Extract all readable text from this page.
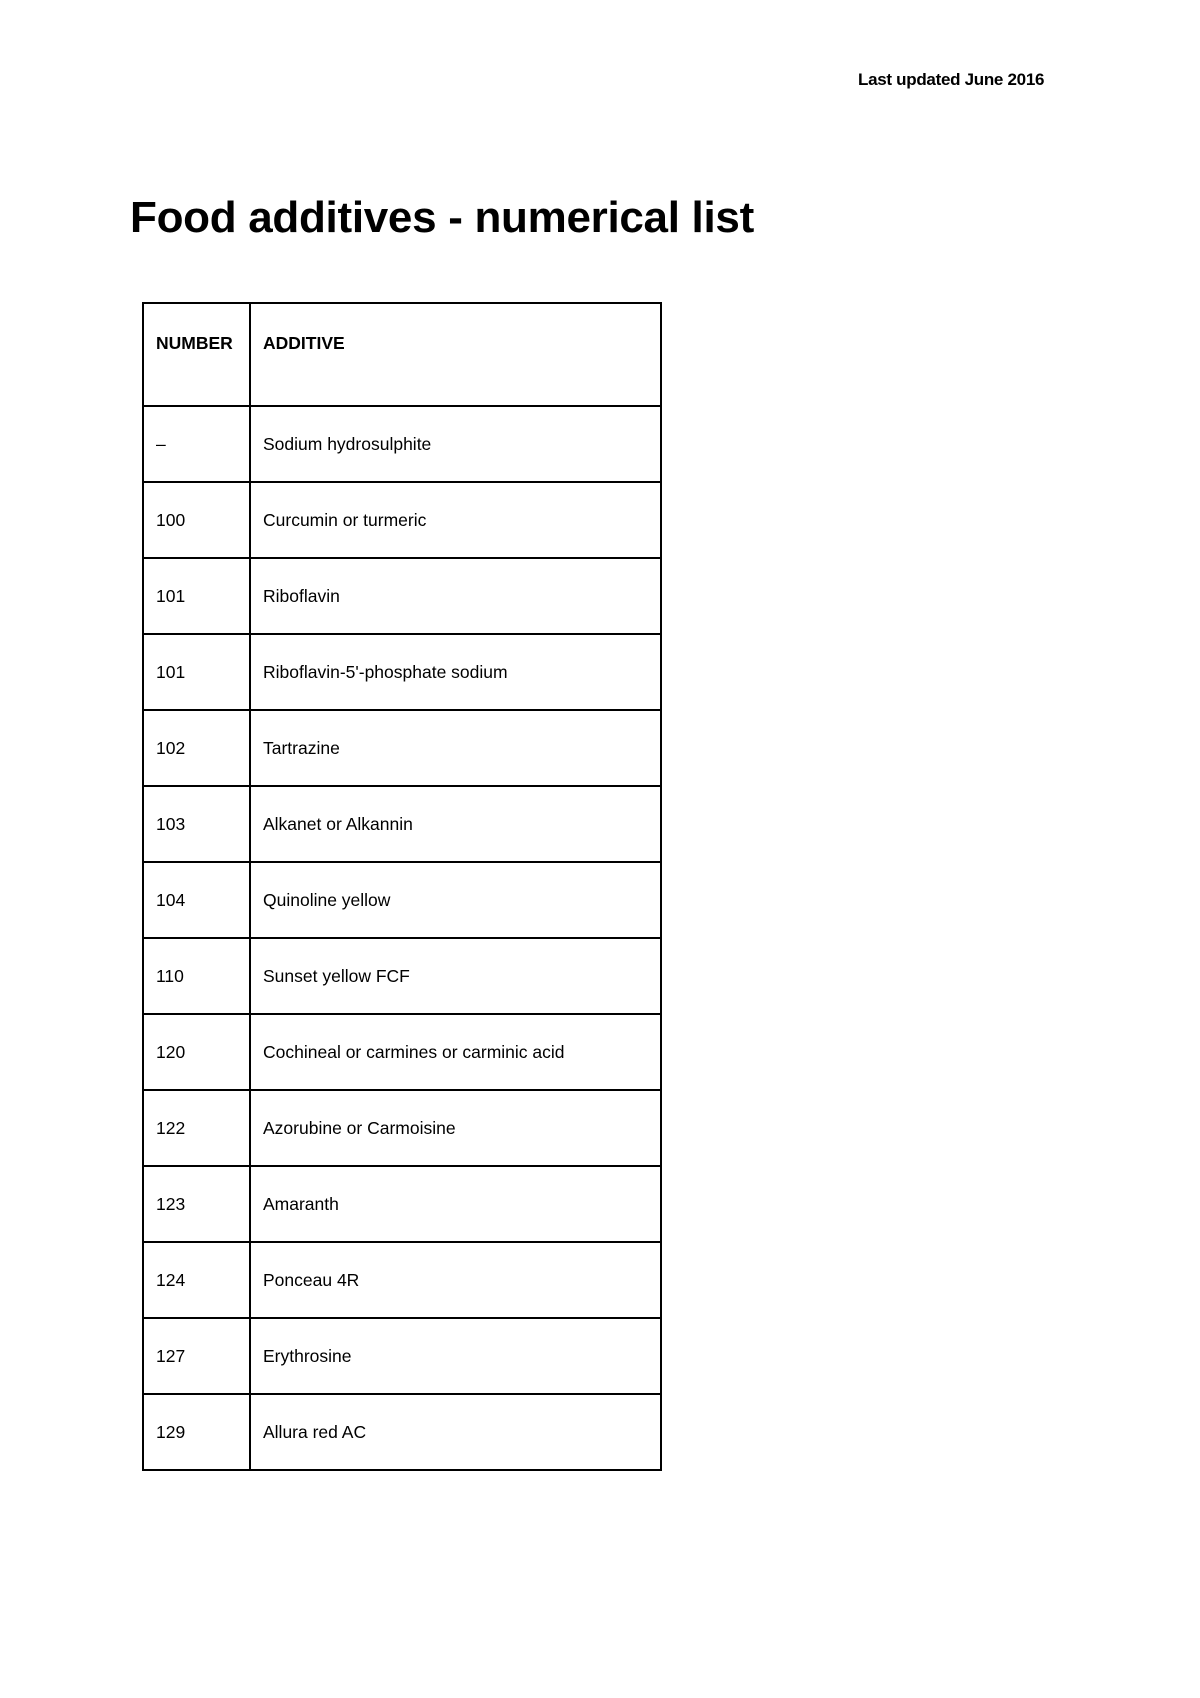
Last updated June 2016
Food additives - numerical list
NUMBER	ADDITIVE
–	Sodium hydrosulphite
100	Curcumin or turmeric
101	Riboflavin
101	Riboflavin-5'-phosphate sodium
102	Tartrazine
103	Alkanet or Alkannin
104	Quinoline yellow
110	Sunset yellow FCF
120	Cochineal or carmines or carminic acid
122	Azorubine or Carmoisine
123	Amaranth
124	Ponceau 4R
127	Erythrosine
129	Allura red AC
